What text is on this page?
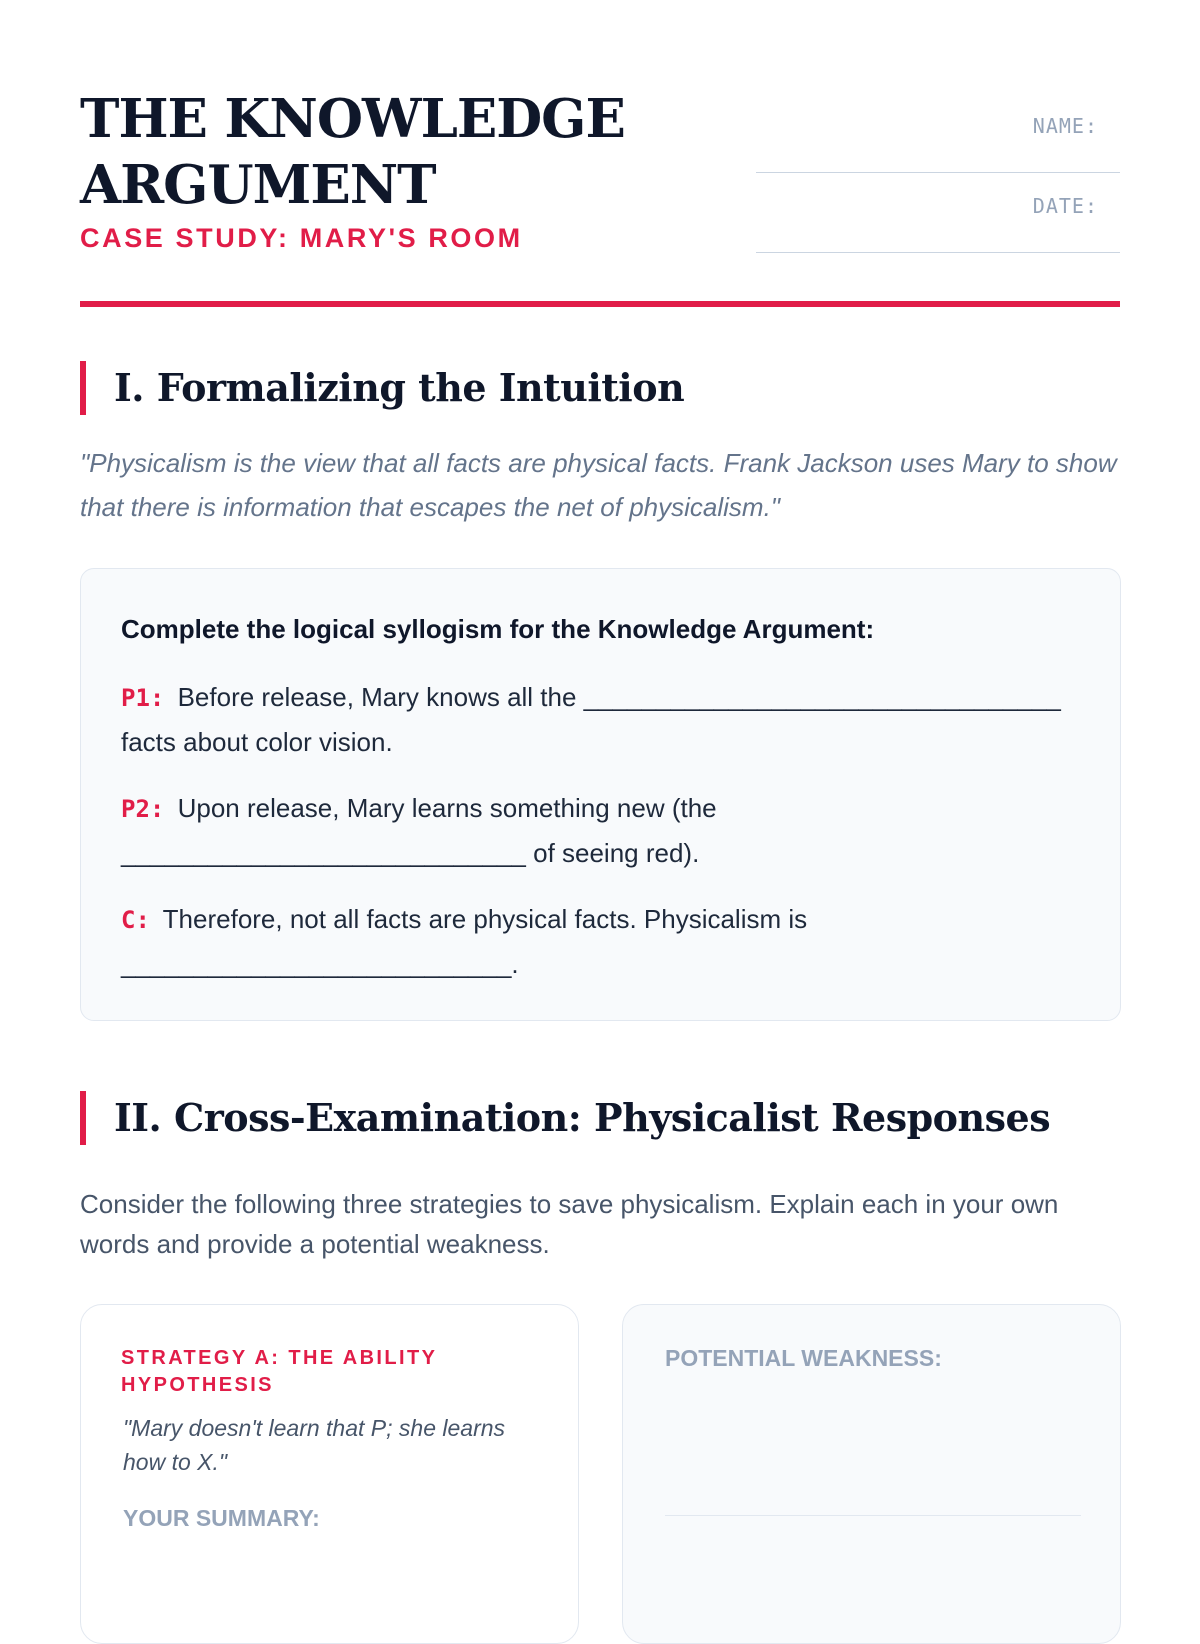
THE KNOWLEDGE ARGUMENT
CASE STUDY: MARY'S ROOM
NAME:
DATE:
I. Formalizing the Intuition

"Physicalism is the view that all facts are physical facts. Frank Jackson uses Mary to show that there is information that escapes the net of physicalism."

Complete the logical syllogism for the Knowledge Argument:

P1: Before release, Mary knows all the _________________________________ facts about color vision.

P2: Upon release, Mary learns something new (the ____________________________ of seeing red).

C: Therefore, not all facts are physical facts. Physicalism is ___________________________.

II. Cross-Examination: Physicalist Responses

Consider the following three strategies to save physicalism. Explain each in your own words and provide a potential weakness.

STRATEGY A: THE ABILITY HYPOTHESIS
"Mary doesn't learn that P; she learns how to X."
YOUR SUMMARY:
POTENTIAL WEAKNESS:
